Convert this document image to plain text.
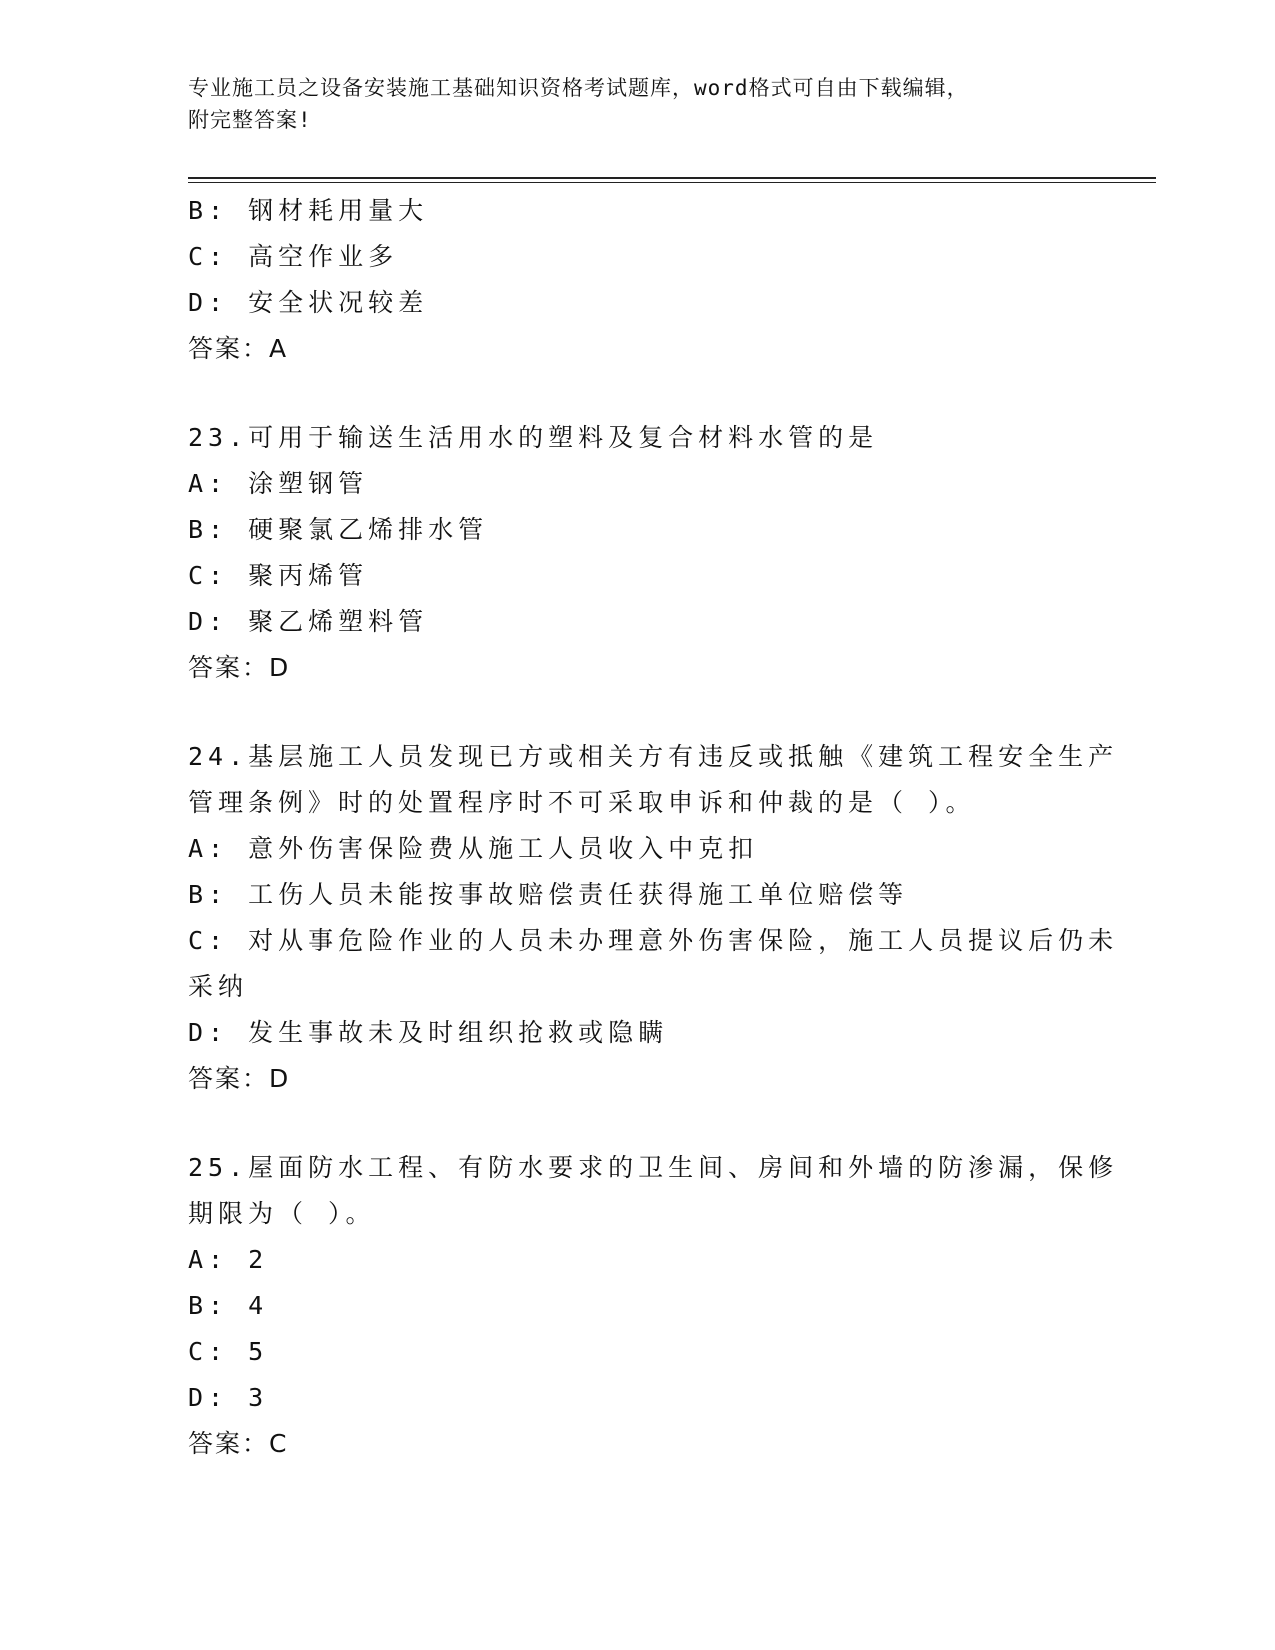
专业施工员之设备安装施工基础知识资格考试题库，word格式可自由下载编辑，
附完整答案!
B: 钢材耗用量大
C: 高空作业多
D: 安全状况较差
答案：A
23.可用于输送生活用水的塑料及复合材料水管的是
A: 涂塑钢管
B: 硬聚氯乙烯排水管
C: 聚丙烯管
D: 聚乙烯塑料管
答案：D
24.基层施工人员发现已方或相关方有违反或抵触《建筑工程安全生产
管理条例》时的处置程序时不可采取申诉和仲裁的是（ ）。
A: 意外伤害保险费从施工人员收入中克扣
B: 工伤人员未能按事故赔偿责任获得施工单位赔偿等
C: 对从事危险作业的人员未办理意外伤害保险，施工人员提议后仍未
采纳
D: 发生事故未及时组织抢救或隐瞒
答案：D
25.屋面防水工程、有防水要求的卫生间、房间和外墙的防渗漏，保修
期限为（ ）。
A: 2
B: 4
C: 5
D: 3
答案：C
